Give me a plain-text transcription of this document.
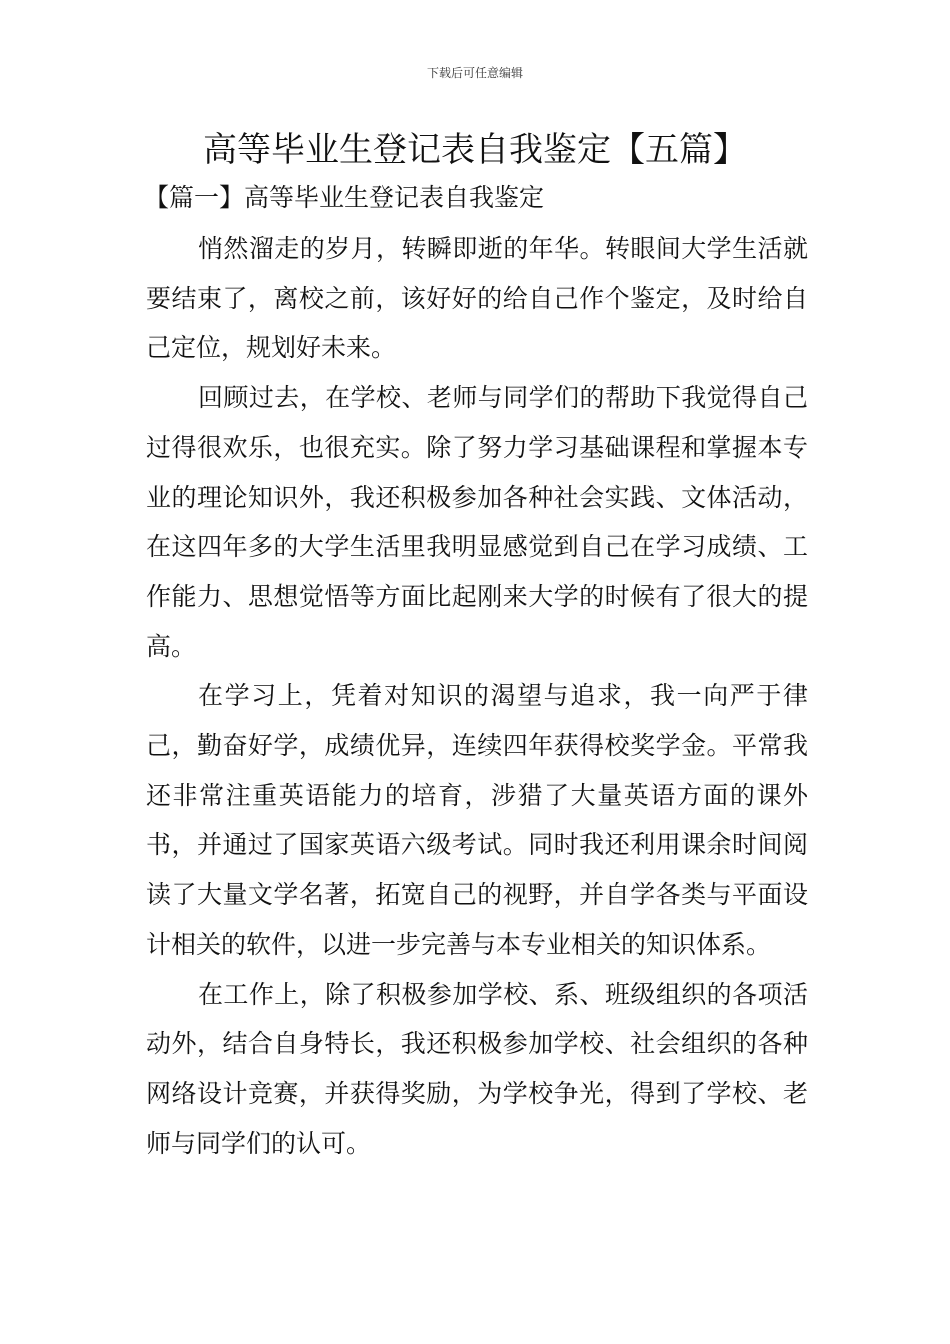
下载后可任意编辑
高等毕业生登记表自我鉴定【五篇】
【篇一】高等毕业生登记表自我鉴定

悄然溜走的岁月，转瞬即逝的年华。转眼间大学生活就要结束了，离校之前，该好好的给自己作个鉴定，及时给自己定位，规划好未来。

回顾过去，在学校、老师与同学们的帮助下我觉得自己过得很欢乐，也很充实。除了努力学习基础课程和掌握本专业的理论知识外，我还积极参加各种社会实践、文体活动，在这四年多的大学生活里我明显感觉到自己在学习成绩、工作能力、思想觉悟等方面比起刚来大学的时候有了很大的提高。

在学习上，凭着对知识的渴望与追求，我一向严于律己，勤奋好学，成绩优异，连续四年获得校奖学金。平常我还非常注重英语能力的培育，涉猎了大量英语方面的课外书，并通过了国家英语六级考试。同时我还利用课余时间阅读了大量文学名著，拓宽自己的视野，并自学各类与平面设计相关的软件，以进一步完善与本专业相关的知识体系。

在工作上，除了积极参加学校、系、班级组织的各项活动外，结合自身特长，我还积极参加学校、社会组织的各种网络设计竞赛，并获得奖励，为学校争光，得到了学校、老师与同学们的认可。
